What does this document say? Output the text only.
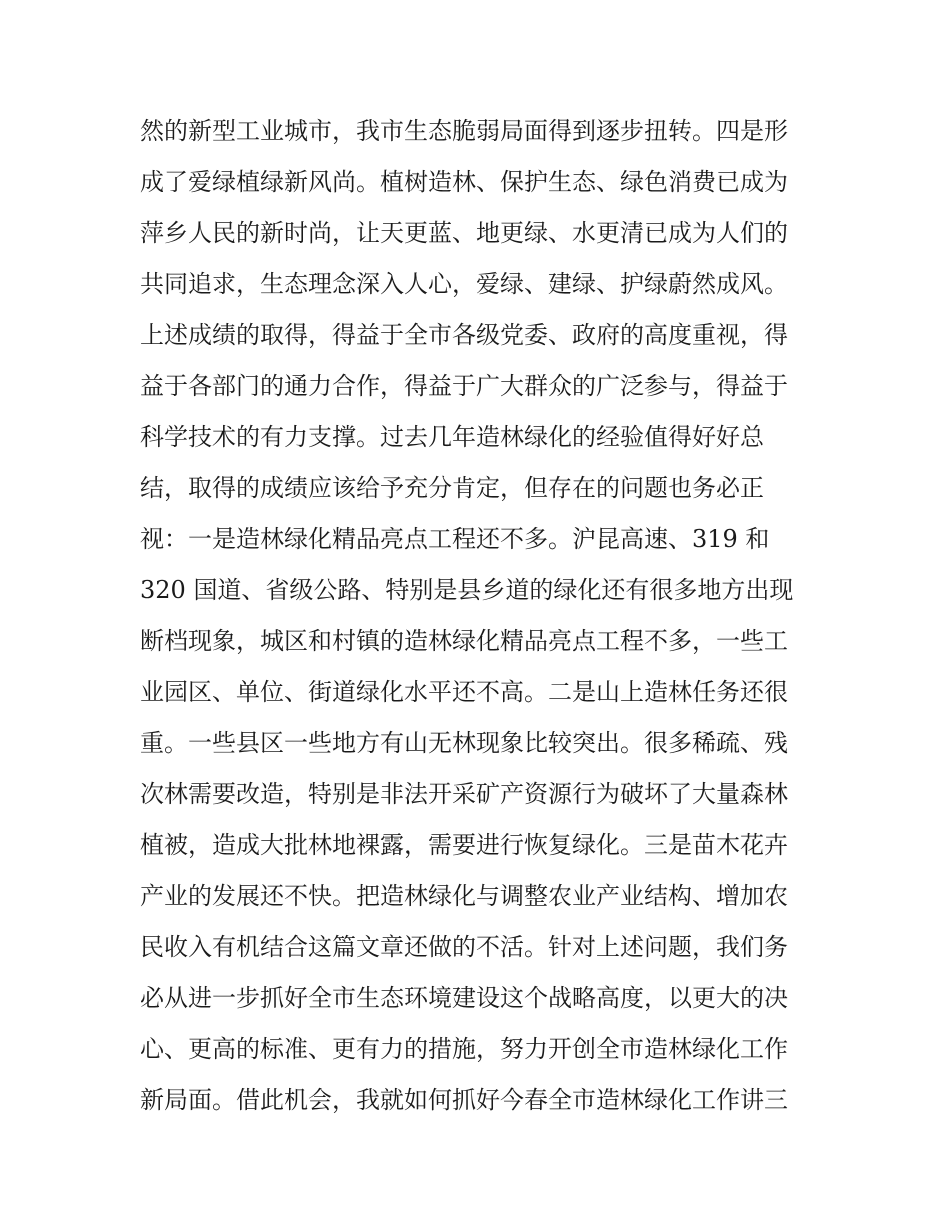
然的新型工业城市，我市生态脆弱局面得到逐步扭转。四是形
成了爱绿植绿新风尚。植树造林、保护生态、绿色消费已成为
萍乡人民的新时尚，让天更蓝、地更绿、水更清已成为人们的
共同追求，生态理念深入人心，爱绿、建绿、护绿蔚然成风。
上述成绩的取得，得益于全市各级党委、政府的高度重视，得
益于各部门的通力合作，得益于广大群众的广泛参与，得益于
科学技术的有力支撑。过去几年造林绿化的经验值得好好总
结，取得的成绩应该给予充分肯定，但存在的问题也务必正
视：一是造林绿化精品亮点工程还不多。沪昆高速、319 和
320 国道、省级公路、特别是县乡道的绿化还有很多地方出现
断档现象，城区和村镇的造林绿化精品亮点工程不多，一些工
业园区、单位、街道绿化水平还不高。二是山上造林任务还很
重。一些县区一些地方有山无林现象比较突出。很多稀疏、残
次林需要改造，特别是非法开采矿产资源行为破坏了大量森林
植被，造成大批林地裸露，需要进行恢复绿化。三是苗木花卉
产业的发展还不快。把造林绿化与调整农业产业结构、增加农
民收入有机结合这篇文章还做的不活。针对上述问题，我们务
必从进一步抓好全市生态环境建设这个战略高度，以更大的决
心、更高的标准、更有力的措施，努力开创全市造林绿化工作
新局面。借此机会，我就如何抓好今春全市造林绿化工作讲三
